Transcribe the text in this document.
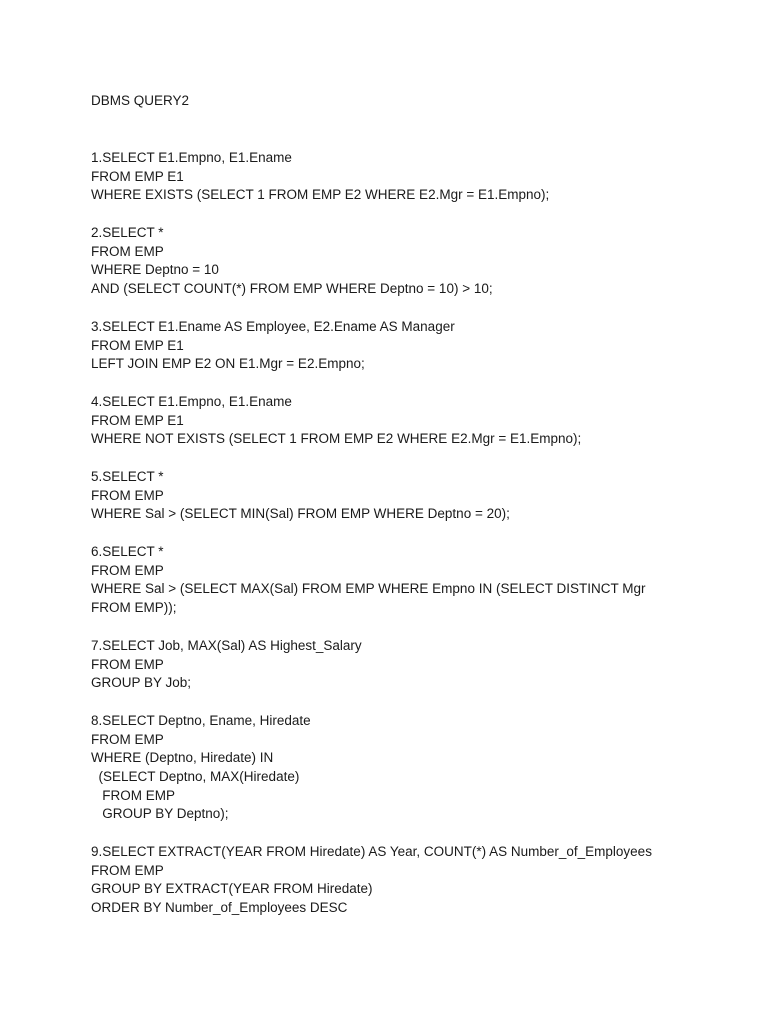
DBMS QUERY2
1.SELECT E1.Empno, E1.Ename
FROM EMP E1
WHERE EXISTS (SELECT 1 FROM EMP E2 WHERE E2.Mgr = E1.Empno);
2.SELECT *
FROM EMP
WHERE Deptno = 10
AND (SELECT COUNT(*) FROM EMP WHERE Deptno = 10) > 10;
3.SELECT E1.Ename AS Employee, E2.Ename AS Manager
FROM EMP E1
LEFT JOIN EMP E2 ON E1.Mgr = E2.Empno;
4.SELECT E1.Empno, E1.Ename
FROM EMP E1
WHERE NOT EXISTS (SELECT 1 FROM EMP E2 WHERE E2.Mgr = E1.Empno);
5.SELECT *
FROM EMP
WHERE Sal > (SELECT MIN(Sal) FROM EMP WHERE Deptno = 20);
6.SELECT *
FROM EMP
WHERE Sal > (SELECT MAX(Sal) FROM EMP WHERE Empno IN (SELECT DISTINCT Mgr
FROM EMP));
7.SELECT Job, MAX(Sal) AS Highest_Salary
FROM EMP
GROUP BY Job;
8.SELECT Deptno, Ename, Hiredate
FROM EMP
WHERE (Deptno, Hiredate) IN
(SELECT Deptno, MAX(Hiredate)
FROM EMP
GROUP BY Deptno);
9.SELECT EXTRACT(YEAR FROM Hiredate) AS Year, COUNT(*) AS Number_of_Employees
FROM EMP
GROUP BY EXTRACT(YEAR FROM Hiredate)
ORDER BY Number_of_Employees DESC
